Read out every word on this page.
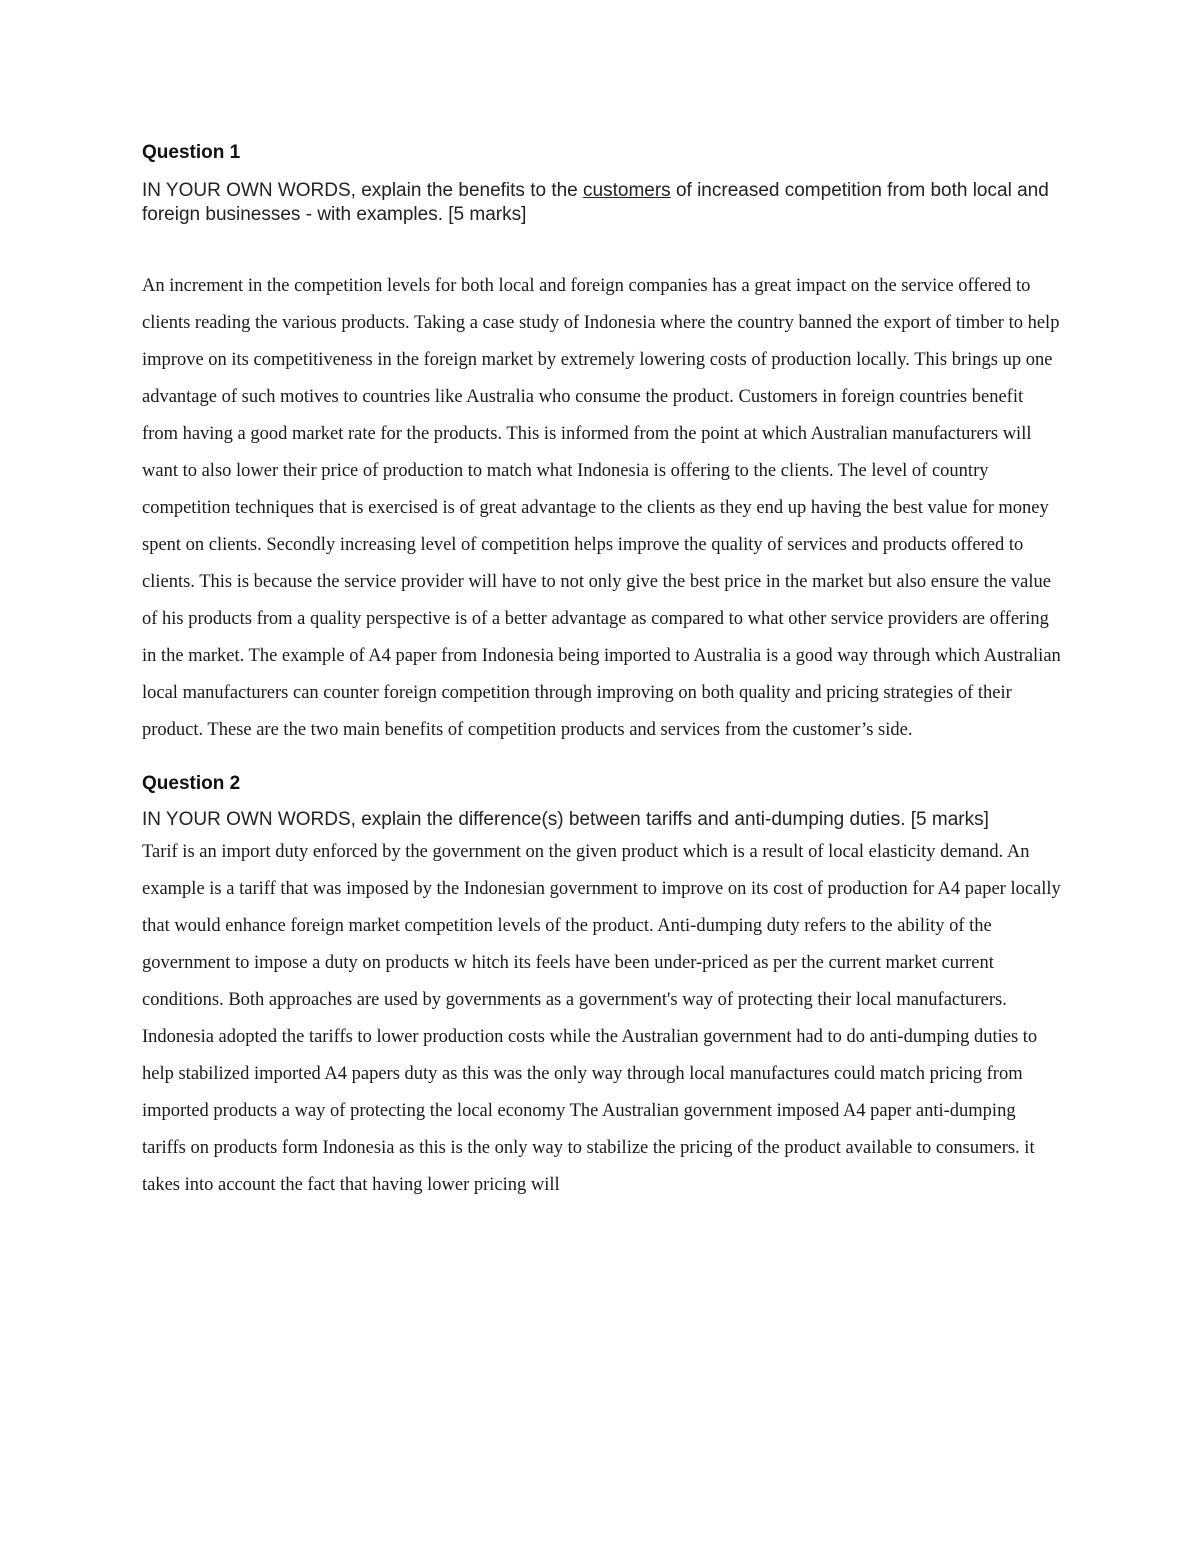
Question 1

IN YOUR OWN WORDS, explain the benefits to the customers of increased competition from both local and foreign businesses - with examples. [5 marks]

An increment in the competition levels for both local and foreign companies has a great impact on the service offered to clients reading the various products. Taking a case study of Indonesia where the country banned the export of timber to help improve on its competitiveness in the foreign market by extremely lowering costs of production locally. This brings up one advantage of such motives to countries like Australia who consume the product. Customers in foreign countries benefit from having a good market rate for the products. This is informed from the point at which Australian manufacturers will want to also lower their price of production to match what Indonesia is offering to the clients. The level of country competition techniques that is exercised is of great advantage to the clients as they end up having the best value for money spent on clients. Secondly increasing level of competition helps improve the quality of services and products offered to clients. This is because the service provider will have to not only give the best price in the market but also ensure the value of his products from a quality perspective is of a better advantage as compared to what other service providers are offering in the market. The example of A4 paper from Indonesia being imported to Australia is a good way through which Australian local manufacturers can counter foreign competition through improving on both quality and pricing strategies of their product. These are the two main benefits of competition products and services from the customer’s side.

Question 2

IN YOUR OWN WORDS, explain the difference(s) between tariffs and anti-dumping duties. [5 marks]

Tarif is an import duty enforced by the government on the given product which is a result of local elasticity demand. An example is a tariff that was imposed by the Indonesian government to improve on its cost of production for A4 paper locally that would enhance foreign market competition levels of the product. Anti-dumping duty refers to the ability of the government to impose a duty on products w hitch its feels have been under-priced as per the current market current conditions. Both approaches are used by governments as a government's way of protecting their local manufacturers. Indonesia adopted the tariffs to lower production costs while the Australian government had to do anti-dumping duties to help stabilized imported A4 papers duty as this was the only way through local manufactures could match pricing from imported products a way of protecting the local economy The Australian government imposed A4 paper anti-dumping tariffs on products form Indonesia as this is the only way to stabilize the pricing of the product available to consumers. it takes into account the fact that having lower pricing will
